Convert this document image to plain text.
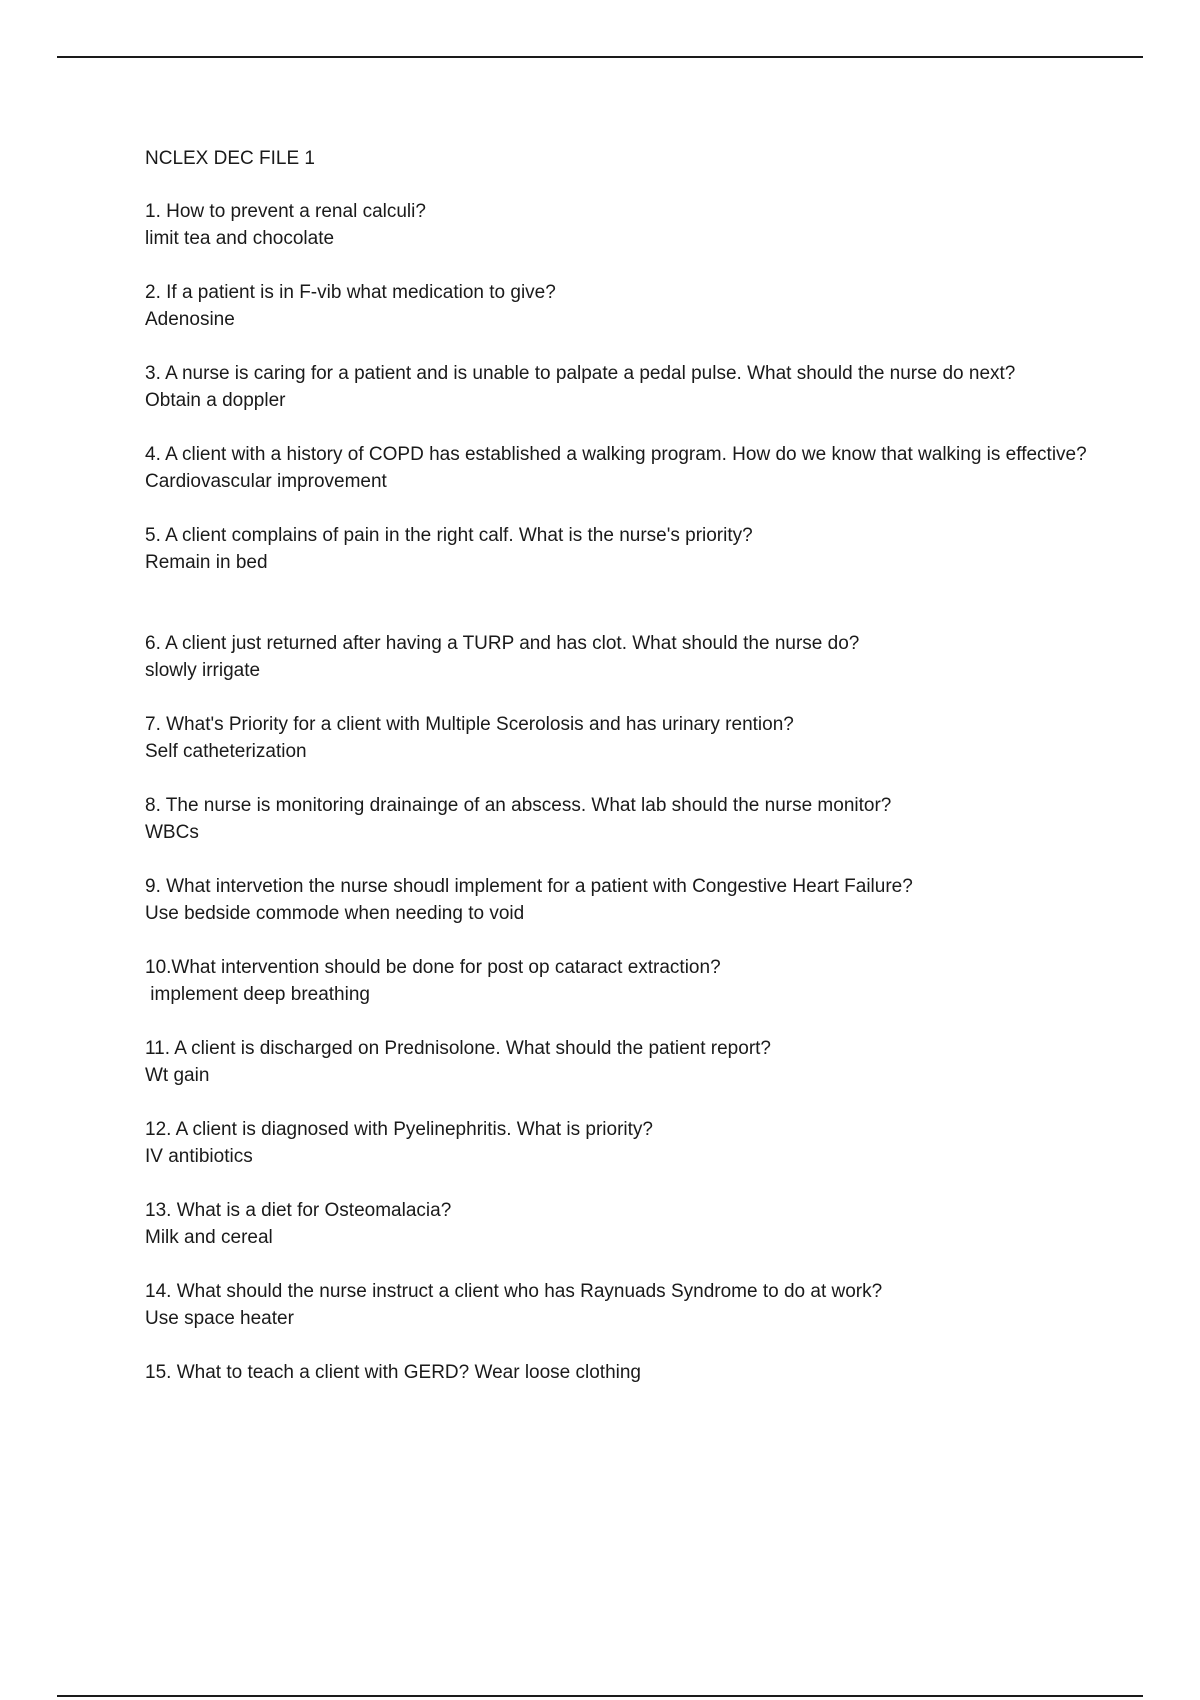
NCLEX DEC FILE 1
1. How to prevent a renal calculi?
limit tea and chocolate
2. If a patient is in F-vib what medication to give?
Adenosine
3. A nurse is caring for a patient and is unable to palpate a pedal pulse. What should the nurse do next?
Obtain a doppler
4. A client with a history of COPD has established a walking program. How do we know that walking is effective?
Cardiovascular improvement
5. A client complains of pain in the right calf. What is the nurse's priority?
Remain in bed
6. A client just returned after having a TURP and has clot. What should the nurse do?
slowly irrigate
7. What's Priority for a client with Multiple Scerolosis and has urinary rention?
Self catheterization
8. The nurse is monitoring drainainge of an abscess. What lab should the nurse monitor?
WBCs
9. What intervetion the nurse shoudl implement for a patient with Congestive Heart Failure?
Use bedside commode when needing to void
10.What intervention should be done for post op cataract extraction?
implement deep breathing
11. A client is discharged on Prednisolone. What should the patient report?
Wt gain
12. A client is diagnosed with Pyelinephritis. What is priority?
IV antibiotics
13. What is a diet for Osteomalacia?
Milk and cereal
14. What should the nurse instruct a client who has Raynuads Syndrome to do at work?
Use space heater
15. What to teach a client with GERD? Wear loose clothing
